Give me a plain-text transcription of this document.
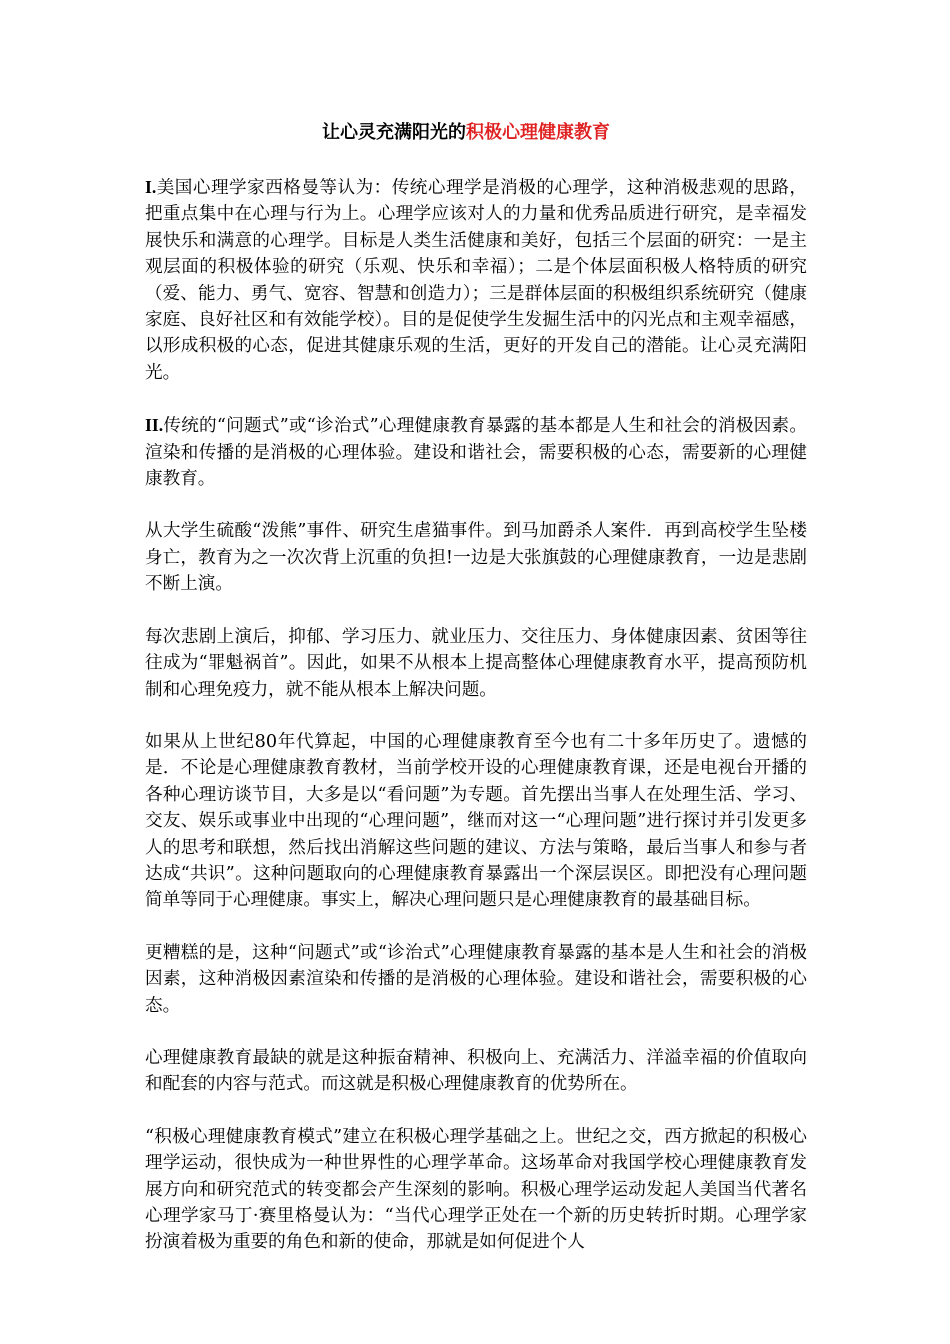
让心灵充满阳光的积极心理健康教育

I.美国心理学家西格曼等认为：传统心理学是消极的心理学，这种消极悲观的思路，把重点集中在心理与行为上。心理学应该对人的力量和优秀品质进行研究，是幸福发展快乐和满意的心理学。目标是人类生活健康和美好，包括三个层面的研究：一是主观层面的积极体验的研究（乐观、快乐和幸福）；二是个体层面积极人格特质的研究（爱、能力、勇气、宽容、智慧和创造力）；三是群体层面的积极组织系统研究（健康家庭、良好社区和有效能学校）。目的是促使学生发掘生活中的闪光点和主观幸福感，以形成积极的心态，促进其健康乐观的生活，更好的开发自己的潜能。让心灵充满阳光。

II.传统的“问题式”或“诊治式”心理健康教育暴露的基本都是人生和社会的消极因素。渲染和传播的是消极的心理体验。建设和谐社会，需要积极的心态，需要新的心理健康教育。

从大学生硫酸“泼熊”事件、研究生虐猫事件。到马加爵杀人案件．再到高校学生坠楼身亡，教育为之一次次背上沉重的负担!一边是大张旗鼓的心理健康教育，一边是悲剧不断上演。

每次悲剧上演后，抑郁、学习压力、就业压力、交往压力、身体健康因素、贫困等往往成为“罪魁祸首”。因此，如果不从根本上提高整体心理健康教育水平，提高预防机制和心理免疫力，就不能从根本上解决问题。

如果从上世纪80年代算起，中国的心理健康教育至今也有二十多年历史了。遗憾的是．不论是心理健康教育教材，当前学校开设的心理健康教育课，还是电视台开播的各种心理访谈节目，大多是以“看问题”为专题。首先摆出当事人在处理生活、学习、交友、娱乐或事业中出现的“心理问题”，继而对这一“心理问题”进行探讨并引发更多人的思考和联想，然后找出消解这些问题的建议、方法与策略，最后当事人和参与者达成“共识”。这种问题取向的心理健康教育暴露出一个深层误区。即把没有心理问题简单等同于心理健康。事实上，解决心理问题只是心理健康教育的最基础目标。

更糟糕的是，这种“问题式”或“诊治式”心理健康教育暴露的基本是人生和社会的消极因素，这种消极因素渲染和传播的是消极的心理体验。建设和谐社会，需要积极的心态。

心理健康教育最缺的就是这种振奋精神、积极向上、充满活力、洋溢幸福的价值取向和配套的内容与范式。而这就是积极心理健康教育的优势所在。

“积极心理健康教育模式”建立在积极心理学基础之上。世纪之交，西方掀起的积极心理学运动，很快成为一种世界性的心理学革命。这场革命对我国学校心理健康教育发展方向和研究范式的转变都会产生深刻的影响。积极心理学运动发起人美国当代著名心理学家马丁·赛里格曼认为：“当代心理学正处在一个新的历史转折时期。心理学家扮演着极为重要的角色和新的使命，那就是如何促进个人
